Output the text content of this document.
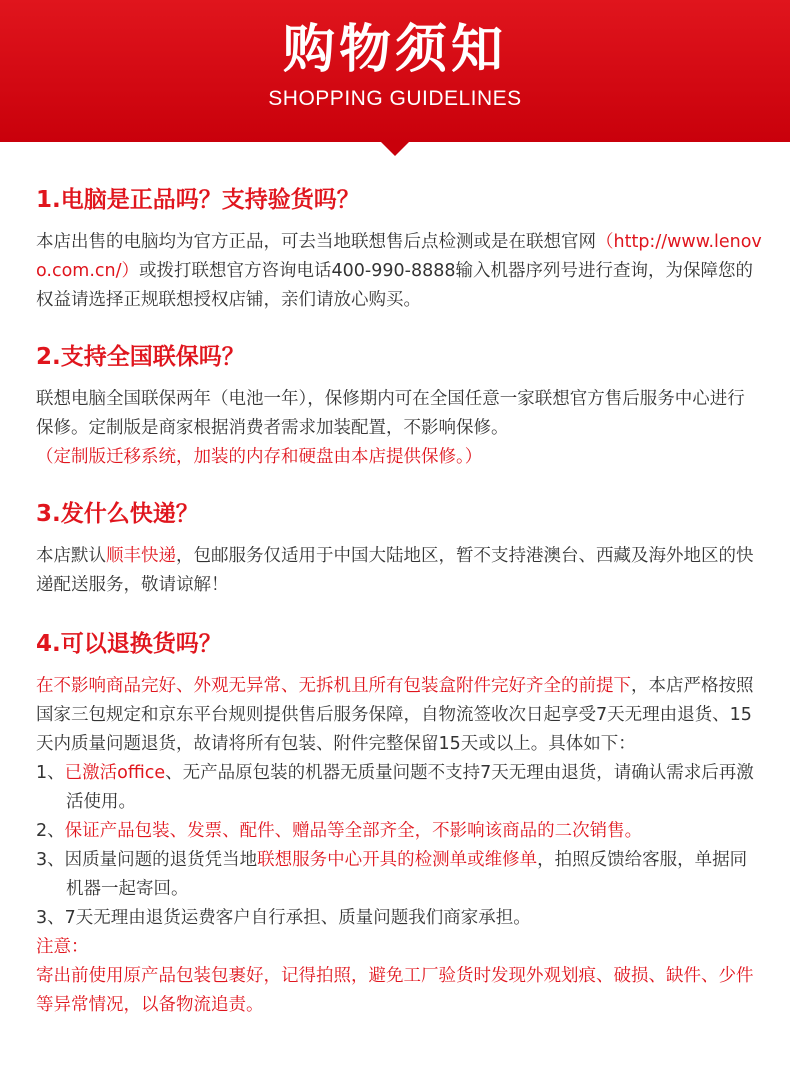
购物须知
SHOPPING GUIDELINES
1.电脑是正品吗？支持验货吗？

本店出售的电脑均为官方正品，可去当地联想售后点检测或是在联想官网（http://www.lenovo.com.cn/）或拨打联想官方咨询电话400-990-8888输入机器序列号进行查询，为保障您的权益请选择正规联想授权店铺，亲们请放心购买。

2.支持全国联保吗？

联想电脑全国联保两年（电池一年），保修期内可在全国任意一家联想官方售后服务中心进行保修。定制版是商家根据消费者需求加装配置，不影响保修。

（定制版迁移系统，加装的内存和硬盘由本店提供保修。）

3.发什么快递？

本店默认顺丰快递，包邮服务仅适用于中国大陆地区，暂不支持港澳台、西藏及海外地区的快递配送服务，敬请谅解！

4.可以退换货吗？

在不影响商品完好、外观无异常、无拆机且所有包装盒附件完好齐全的前提下，本店严格按照国家三包规定和京东平台规则提供售后服务保障，自物流签收次日起享受7天无理由退货、15天内质量问题退货，故请将所有包装、附件完整保留15天或以上。具体如下：

1、已激活office、无产品原包装的机器无质量问题不支持7天无理由退货，请确认需求后再激活使用。

2、保证产品包装、发票、配件、赠品等全部齐全，不影响该商品的二次销售。

3、因质量问题的退货凭当地联想服务中心开具的检测单或维修单，拍照反馈给客服，单据同机器一起寄回。

3、7天无理由退货运费客户自行承担、质量问题我们商家承担。

注意：

寄出前使用原产品包装包裹好，记得拍照，避免工厂验货时发现外观划痕、破损、缺件、少件等异常情况，以备物流追责。
